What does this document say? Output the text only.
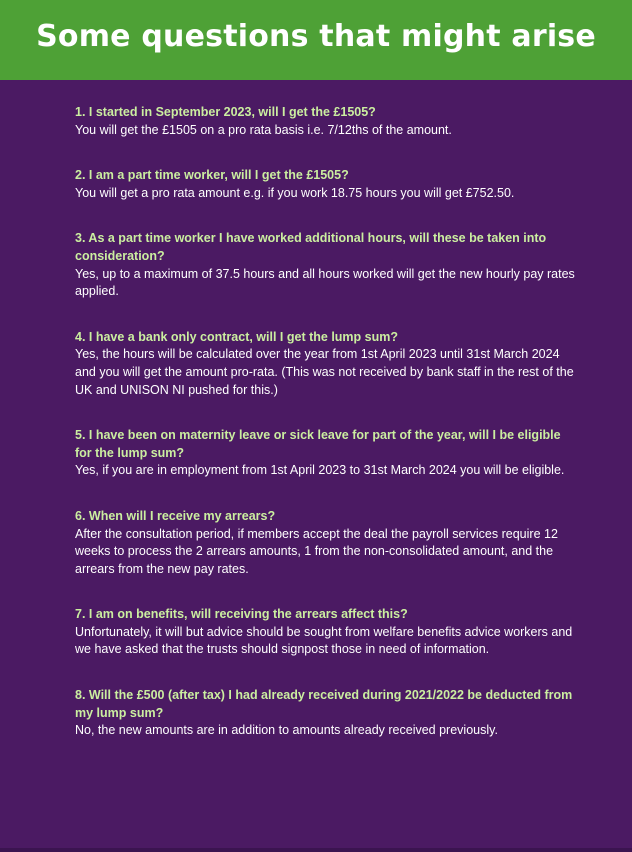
Some questions that might arise

1. I started in September 2023, will I get the £1505?

You will get the £1505 on a pro rata basis i.e. 7/12ths of the amount.

2. I am a part time worker, will I get the £1505?

You will get a pro rata amount e.g. if you work 18.75 hours you will get £752.50.

3. As a part time worker I have worked additional hours, will these be taken into consideration?

Yes, up to a maximum of 37.5 hours and all hours worked will get the new hourly pay rates applied.

4. I have a bank only contract, will I get the lump sum?

Yes, the hours will be calculated over the year from 1st April 2023 until 31st March 2024 and you will get the amount pro-rata. (This was not received by bank staff in the rest of the UK and UNISON NI pushed for this.)

5. I have been on maternity leave or sick leave for part of the year, will I be eligible for the lump sum?

Yes, if you are in employment from 1st April 2023 to 31st March 2024 you will be eligible.

6. When will I receive my arrears?

After the consultation period, if members accept the deal the payroll services require 12 weeks to process the 2 arrears amounts, 1 from the non-consolidated amount, and the arrears from the new pay rates.

7. I am on benefits, will receiving the arrears affect this?

Unfortunately, it will but advice should be sought from welfare benefits advice workers and we have asked that the trusts should signpost those in need of information.

8. Will the £500 (after tax) I had already received during 2021/2022 be deducted from my lump sum?

No, the new amounts are in addition to amounts already received previously.
